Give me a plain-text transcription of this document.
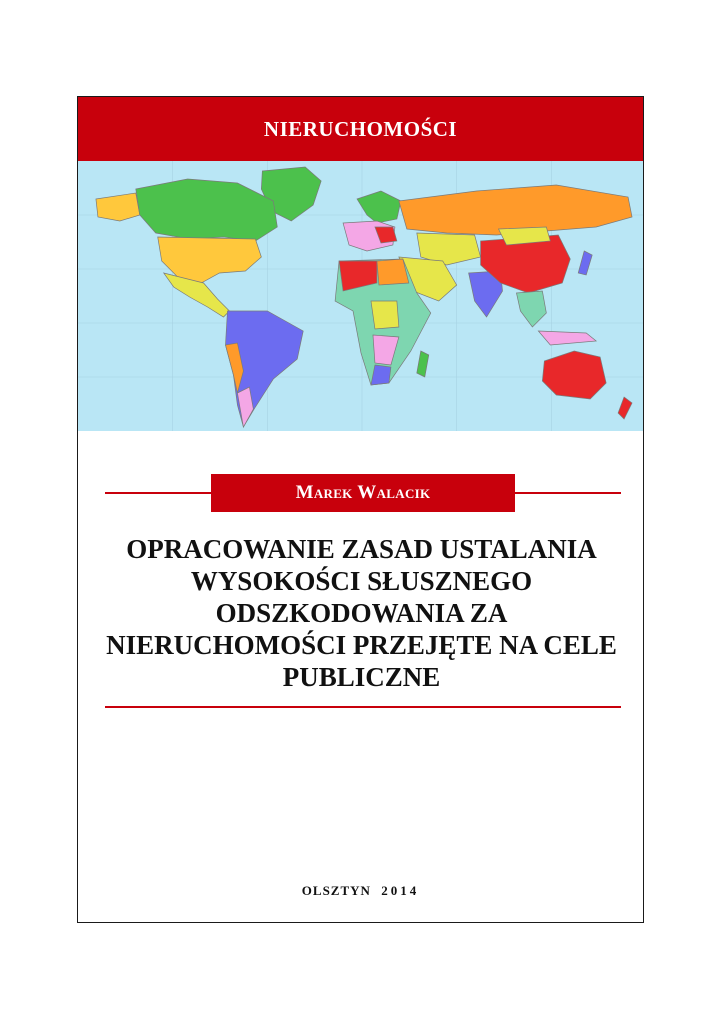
NIERUCHOMOŚCI
Marek Walacik
OPRACOWANIE ZASAD USTALANIA WYSOKOŚCI SŁUSZNEGO ODSZKODOWANIA ZA NIERUCHOMOŚCI PRZEJĘTE NA CELE PUBLICZNE
OLSZTYN 2014
